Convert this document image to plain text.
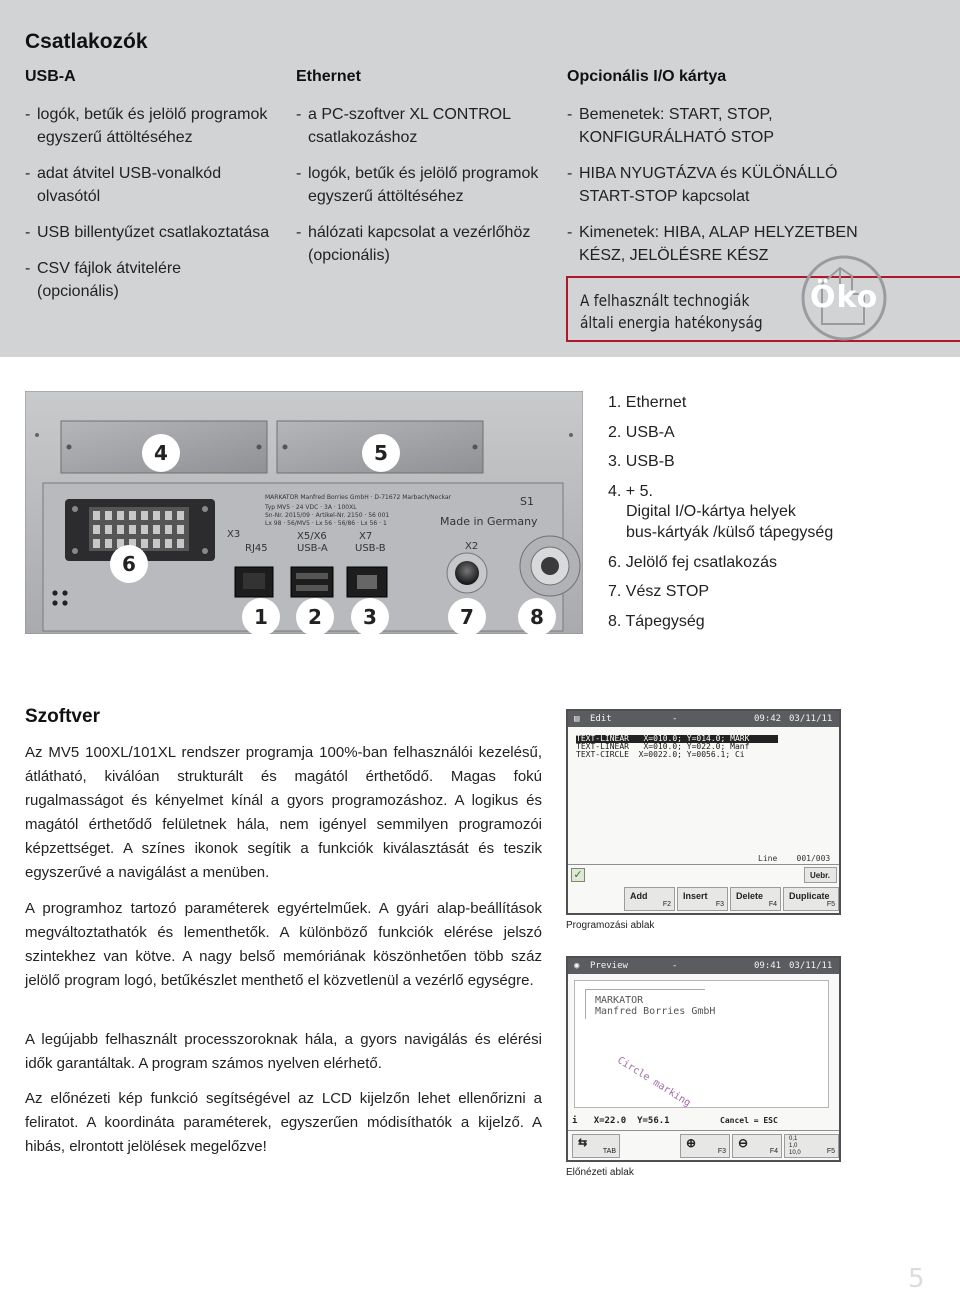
Csatlakozók
USB-A
- logók, betűk és jelölő programok
egyszerű áttöltéséhez
- adat átvitel USB-vonalkód
olvasótól
- USB billentyűzet csatlakoztatása
- CSV fájlok átvitelére
(opcionális)
Ethernet
- a PC-szoftver XL CONTROL
csatlakozáshoz
- logók, betűk és jelölő programok
egyszerű áttöltéséhez
- hálózati kapcsolat a vezérlőhöz
(opcionális)
Opcionális I/O kártya
- Bemenetek: START, STOP,
KONFIGURÁLHATÓ STOP
- HIBA NYUGTÁZVA és KÜLÖNÁLLÓ
START-STOP kapcsolat
- Kimenetek: HIBA, ALAP HELYZETBEN
KÉSZ, JELÖLÉSRE KÉSZ
A felhasznált technogiák
általi energia hatékonyság
Öko
MARKATOR Manfred Borries GmbH · D-71672 Marbach/Neckar
Typ MV5 · 24 VDC · 3A · 100XL
Sn-Nr. 2015/09 · Artikel-Nr. 2150 · 56 001
Lx 98 · 56/MV5 · Lx 56 · 56/86 · Lx 56 · 1	Made in Germany
S1
X3
RJ45
X5/X6
USB-A
X7
USB-B	X2
4	5
6
1 2 3	7	8
1. Ethernet
2. USB-A
3. USB-B
4. + 5.
Digital I/O-kártya helyek
bus-kártyák /külső tápegység
6. Jelölő fej csatlakozás
7. Vész STOP
8. Tápegység
Szoftver
Az MV5 100XL/101XL rendszer programja 100%-ban felhasználói kezelésű, átlátható, kiválóan strukturált és magától érthetődő. Magas fokú rugalmasságot és kényelmet kínál a gyors programozáshoz. A logikus és magától érthetődő felületnek hála, nem igényel semmilyen programozói képzettséget. A színes ikonok segítik a funkciók kiválasztását és teszik egyszerűvé a navigálást a menüben.
A programhoz tartozó paraméterek egyértelműek. A gyári alap-beállítások megváltoztathatók és lementhetők. A különböző funkciók elérése jelszó szintekhez van kötve. A nagy belső memóriának köszönhetően több száz jelölő program logó, betűkészlet menthető el közvetlenül a vezérlő egységre.
A legújabb felhasznált processzoroknak hála, a gyors navigálás és elérési idők garantáltak. A program számos nyelven elérhető.
Az előnézeti kép funkció segítségével az LCD kijelzőn lehet ellenőrizni a feliratot. A koordináta paraméterek, egyszerűen módisíthatók a kijelző. A hibás, elrontott jelölések megelőzve!
▤ Edit	-	09:42 03/11/11
TEXT-LINEAR X=010.0; Y=014.0; MARK
TEXT-LINEAR X=010.0; Y=022.0; Manf
TEXT-CIRCLE X=0022.0; Y=0056.1; Ci
Line 001/003
✓	Uebr.
Add
F2
Insert
F3
Delete
F4
Duplicate
F5
Programozási ablak
◉ Preview	-	09:41 03/11/11
MARKATOR
Manfred Borries GmbH
Circle marking
i X=22.0 Y=56.1	Cancel = ESC
⇆
TAB
⊕
F3
⊖
F4
0,1
1,0
10,0	F5
Előnézeti ablak
5
